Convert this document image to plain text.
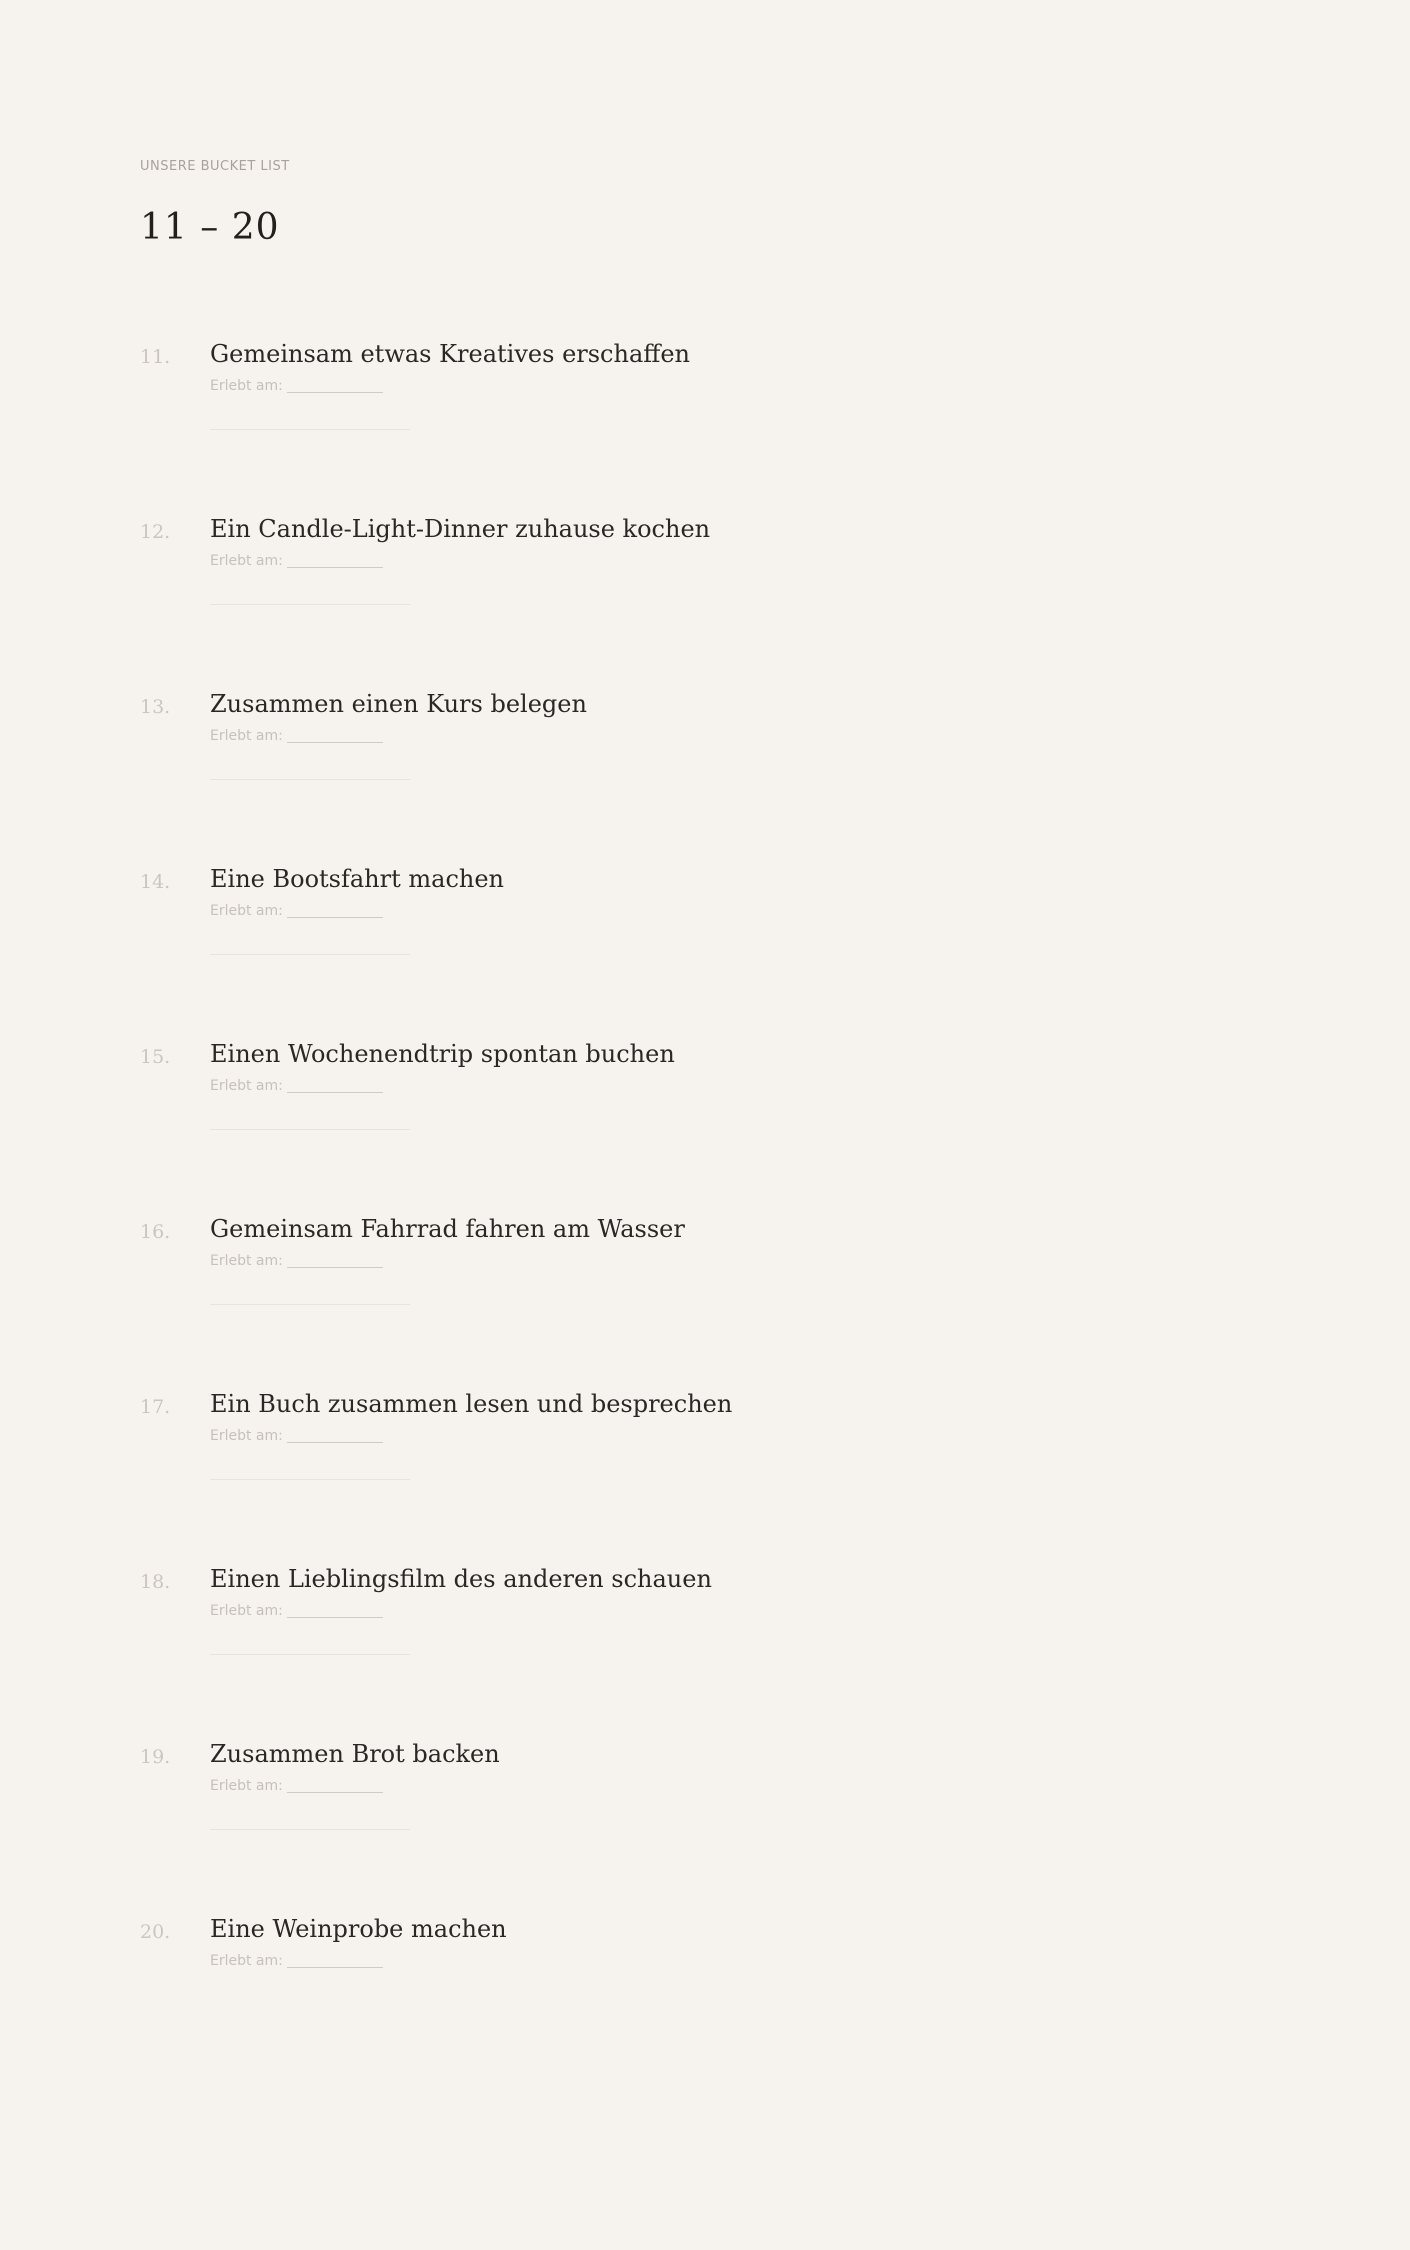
UNSERE BUCKET LIST
11 – 20
11. Gemeinsam etwas Kreatives erschaffen
Erlebt am:
12. Ein Candle-Light-Dinner zuhause kochen
Erlebt am:
13. Zusammen einen Kurs belegen
Erlebt am:
14. Eine Bootsfahrt machen
Erlebt am:
15. Einen Wochenendtrip spontan buchen
Erlebt am:
16. Gemeinsam Fahrrad fahren am Wasser
Erlebt am:
17. Ein Buch zusammen lesen und besprechen
Erlebt am:
18. Einen Lieblingsfilm des anderen schauen
Erlebt am:
19. Zusammen Brot backen
Erlebt am:
20. Eine Weinprobe machen
Erlebt am:
